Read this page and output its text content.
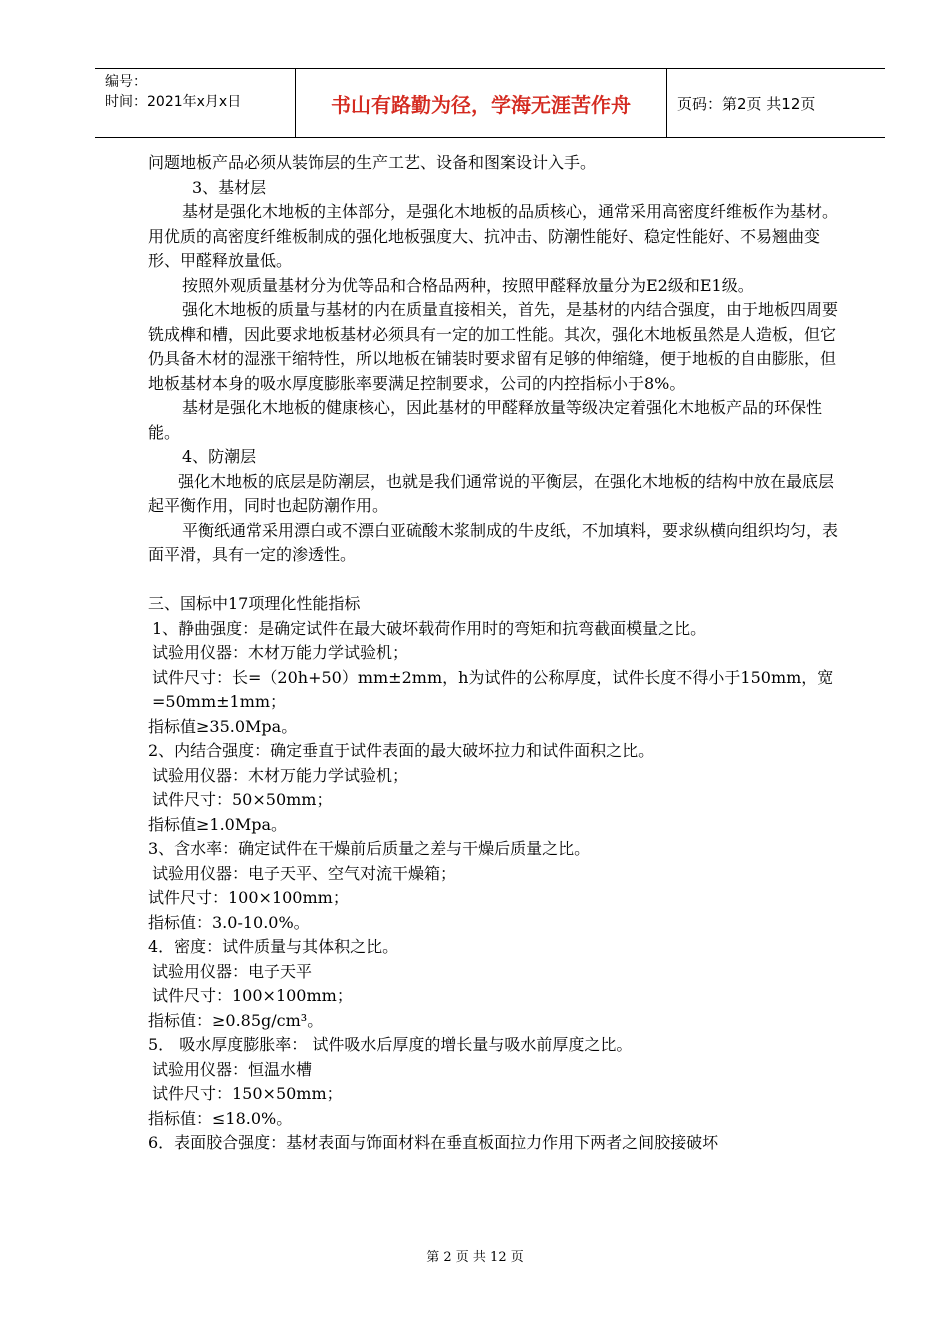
编号：
时间：2021年x月x日	书山有路勤为径，学海无涯苦作舟	页码：第2页 共12页

问题地板产品必须从装饰层的生产工艺、设备和图案设计入手。

3、基材层

基材是强化木地板的主体部分，是强化木地板的品质核心，通常采用高密度纤维板作为基材。用优质的高密度纤维板制成的强化地板强度大、抗冲击、防潮性能好、稳定性能好、不易翘曲变形、甲醛释放量低。

按照外观质量基材分为优等品和合格品两种，按照甲醛释放量分为E2级和E1级。

强化木地板的质量与基材的内在质量直接相关，首先，是基材的内结合强度，由于地板四周要铣成榫和槽，因此要求地板基材必须具有一定的加工性能。其次，强化木地板虽然是人造板，但它仍具备木材的湿涨干缩特性，所以地板在铺装时要求留有足够的伸缩缝，便于地板的自由膨胀，但地板基材本身的吸水厚度膨胀率要满足控制要求，公司的内控指标小于8%。

基材是强化木地板的健康核心，因此基材的甲醛释放量等级决定着强化木地板产品的环保性能。

4、防潮层

强化木地板的底层是防潮层，也就是我们通常说的平衡层，在强化木地板的结构中放在最底层起平衡作用，同时也起防潮作用。

平衡纸通常采用漂白或不漂白亚硫酸木浆制成的牛皮纸，不加填料，要求纵横向组织均匀，表面平滑，具有一定的渗透性。

三、国标中17项理化性能指标

1、静曲强度：是确定试件在最大破坏载荷作用时的弯矩和抗弯截面模量之比。

试验用仪器：木材万能力学试验机；

试件尺寸：长=（20h+50）mm±2mm，h为试件的公称厚度，试件长度不得小于150mm，宽=50mm±1mm；

指标值≥35.0Mpa。

2、内结合强度：确定垂直于试件表面的最大破坏拉力和试件面积之比。

试验用仪器：木材万能力学试验机；

试件尺寸：50×50mm；

指标值≥1.0Mpa。

3、含水率：确定试件在干燥前后质量之差与干燥后质量之比。

试验用仪器：电子天平、空气对流干燥箱；

试件尺寸：100×100mm；

指标值：3.0-10.0%。

4．密度：试件质量与其体积之比。

试验用仪器：电子天平

试件尺寸：100×100mm；

指标值：≥0.85g/cm³。

5． 吸水厚度膨胀率： 试件吸水后厚度的增长量与吸水前厚度之比。

试验用仪器：恒温水槽

试件尺寸：150×50mm；

指标值：≤18.0%。

6．表面胶合强度：基材表面与饰面材料在垂直板面拉力作用下两者之间胶接破坏

第 2 页 共 12 页
